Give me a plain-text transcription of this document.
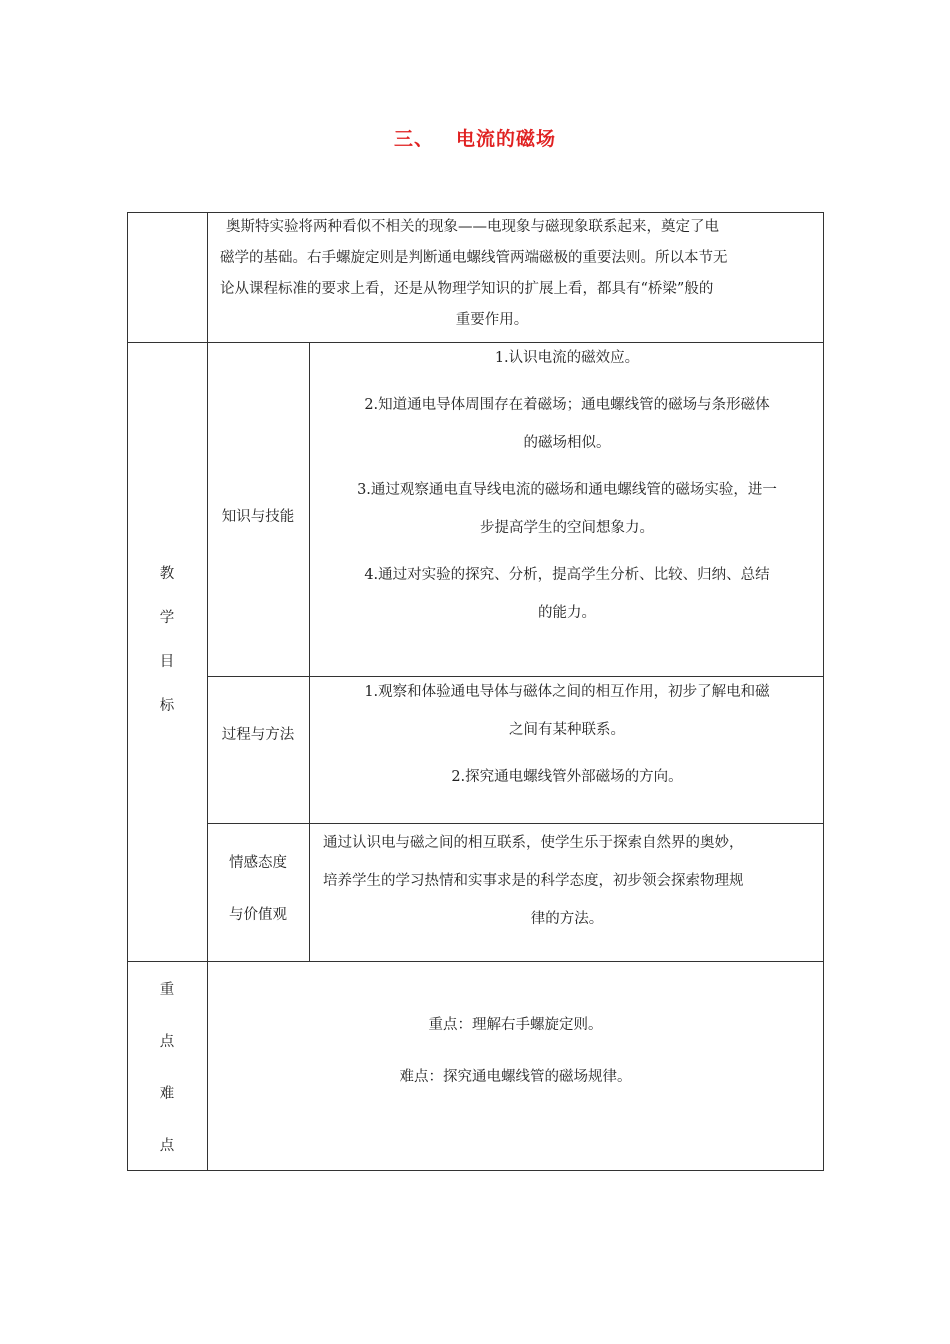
三、 电流的磁场

奥斯特实验将两种看似不相关的现象——电现象与磁现象联系起来，奠定了电

磁学的基础。右手螺旋定则是判断通电螺线管两端磁极的重要法则。所以本节无

论从课程标准的要求上看，还是从物理学知识的扩展上看，都具有“桥梁”般的

重要作用。

教
学
目
标
知识与技能

1.认识电流的磁效应。

2.知道通电导体周围存在着磁场；通电螺线管的磁场与条形磁体

的磁场相似。

3.通过观察通电直导线电流的磁场和通电螺线管的磁场实验，进一

步提高学生的空间想象力。

4.通过对实验的探究、分析，提高学生分析、比较、归纳、总结

的能力。

过程与方法

1.观察和体验通电导体与磁体之间的相互作用，初步了解电和磁

之间有某种联系。

2.探究通电螺线管外部磁场的方向。

情感态度

与价值观

通过认识电与磁之间的相互联系，使学生乐于探索自然界的奥妙，

培养学生的学习热情和实事求是的科学态度，初步领会探索物理规

律的方法。

重
点
难
点

重点：理解右手螺旋定则。

难点：探究通电螺线管的磁场规律。
